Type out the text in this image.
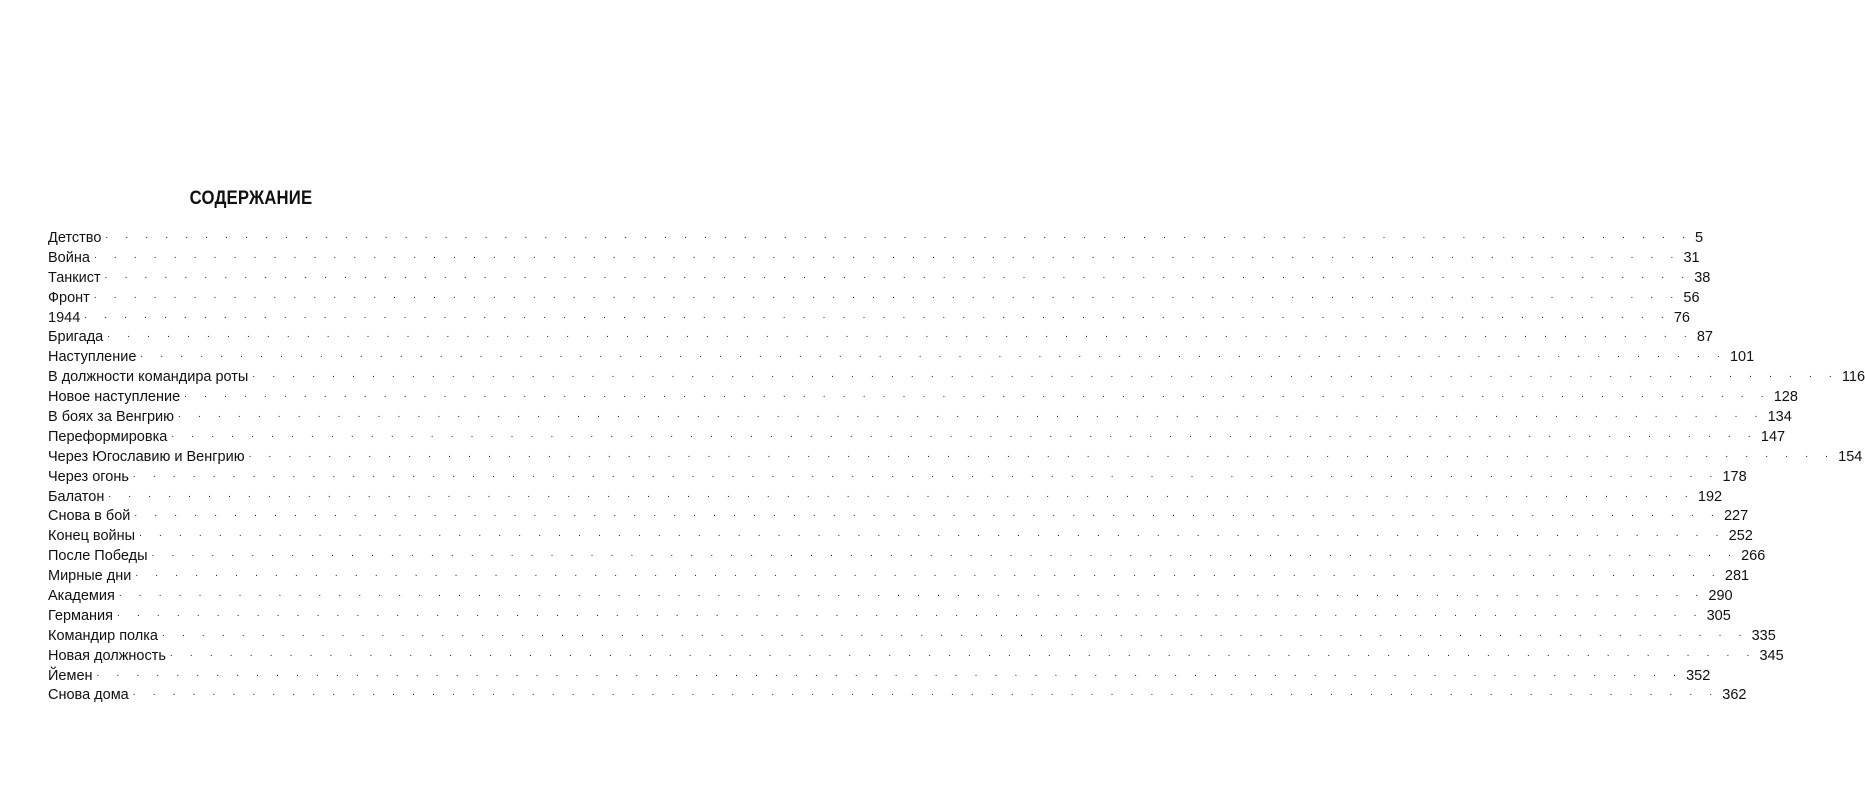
СОДЕРЖАНИЕ
Детство . . . . . . . . . . . . . . . . . . . . . . . . . . . . . . . . . . . . . . . . . . . . . . . . . . . . . . . . . . . . . . . . . . . . . . . . . . . . . . . . 5
Война . . . . . . . . . . . . . . . . . . . . . . . . . . . . . . . . . . . . . . . . . . . . . . . . . . . . . . . . . . . . . . . . . . . . . . . . . . . . . . . . 31
Танкист . . . . . . . . . . . . . . . . . . . . . . . . . . . . . . . . . . . . . . . . . . . . . . . . . . . . . . . . . . . . . . . . . . . . . . . . . . . . . . . . 38
Фронт . . . . . . . . . . . . . . . . . . . . . . . . . . . . . . . . . . . . . . . . . . . . . . . . . . . . . . . . . . . . . . . . . . . . . . . . . . . . . . . . 56
1944 . . . . . . . . . . . . . . . . . . . . . . . . . . . . . . . . . . . . . . . . . . . . . . . . . . . . . . . . . . . . . . . . . . . . . . . . . . . . . . . . 76
Бригада . . . . . . . . . . . . . . . . . . . . . . . . . . . . . . . . . . . . . . . . . . . . . . . . . . . . . . . . . . . . . . . . . . . . . . . . . . . . . . . . 87
Наступление . . . . . . . . . . . . . . . . . . . . . . . . . . . . . . . . . . . . . . . . . . . . . . . . . . . . . . . . . . . . . . . . . . . . . . . . . . . . . . . . 101
В должности командира роты . . . . . . . . . . . . . . . . . . . . . . . . . . . . . . . . . . . . . . . . . . . . . . . . . . . . . . . . . . . . . . . . . . . . . . . . . . . . . . . . 116
Новое наступление . . . . . . . . . . . . . . . . . . . . . . . . . . . . . . . . . . . . . . . . . . . . . . . . . . . . . . . . . . . . . . . . . . . . . . . . . . . . . . . . 128
В боях за Венгрию . . . . . . . . . . . . . . . . . . . . . . . . . . . . . . . . . . . . . . . . . . . . . . . . . . . . . . . . . . . . . . . . . . . . . . . . . . . . . . . . 134
Переформировка . . . . . . . . . . . . . . . . . . . . . . . . . . . . . . . . . . . . . . . . . . . . . . . . . . . . . . . . . . . . . . . . . . . . . . . . . . . . . . . . 147
Через Югославию и Венгрию . . . . . . . . . . . . . . . . . . . . . . . . . . . . . . . . . . . . . . . . . . . . . . . . . . . . . . . . . . . . . . . . . . . . . . . . . . . . . . . . 154
Через огонь . . . . . . . . . . . . . . . . . . . . . . . . . . . . . . . . . . . . . . . . . . . . . . . . . . . . . . . . . . . . . . . . . . . . . . . . . . . . . . . . 178
Балатон . . . . . . . . . . . . . . . . . . . . . . . . . . . . . . . . . . . . . . . . . . . . . . . . . . . . . . . . . . . . . . . . . . . . . . . . . . . . . . . . 192
Снова в бой . . . . . . . . . . . . . . . . . . . . . . . . . . . . . . . . . . . . . . . . . . . . . . . . . . . . . . . . . . . . . . . . . . . . . . . . . . . . . . . . 227
Конец войны . . . . . . . . . . . . . . . . . . . . . . . . . . . . . . . . . . . . . . . . . . . . . . . . . . . . . . . . . . . . . . . . . . . . . . . . . . . . . . . . 252
После Победы . . . . . . . . . . . . . . . . . . . . . . . . . . . . . . . . . . . . . . . . . . . . . . . . . . . . . . . . . . . . . . . . . . . . . . . . . . . . . . . . 266
Мирные дни . . . . . . . . . . . . . . . . . . . . . . . . . . . . . . . . . . . . . . . . . . . . . . . . . . . . . . . . . . . . . . . . . . . . . . . . . . . . . . . . 281
Академия . . . . . . . . . . . . . . . . . . . . . . . . . . . . . . . . . . . . . . . . . . . . . . . . . . . . . . . . . . . . . . . . . . . . . . . . . . . . . . . . 290
Германия . . . . . . . . . . . . . . . . . . . . . . . . . . . . . . . . . . . . . . . . . . . . . . . . . . . . . . . . . . . . . . . . . . . . . . . . . . . . . . . . 305
Командир полка . . . . . . . . . . . . . . . . . . . . . . . . . . . . . . . . . . . . . . . . . . . . . . . . . . . . . . . . . . . . . . . . . . . . . . . . . . . . . . . . 335
Новая должность . . . . . . . . . . . . . . . . . . . . . . . . . . . . . . . . . . . . . . . . . . . . . . . . . . . . . . . . . . . . . . . . . . . . . . . . . . . . . . . . 345
Йемен . . . . . . . . . . . . . . . . . . . . . . . . . . . . . . . . . . . . . . . . . . . . . . . . . . . . . . . . . . . . . . . . . . . . . . . . . . . . . . . . 352
Снова дома . . . . . . . . . . . . . . . . . . . . . . . . . . . . . . . . . . . . . . . . . . . . . . . . . . . . . . . . . . . . . . . . . . . . . . . . . . . . . . . . 362
